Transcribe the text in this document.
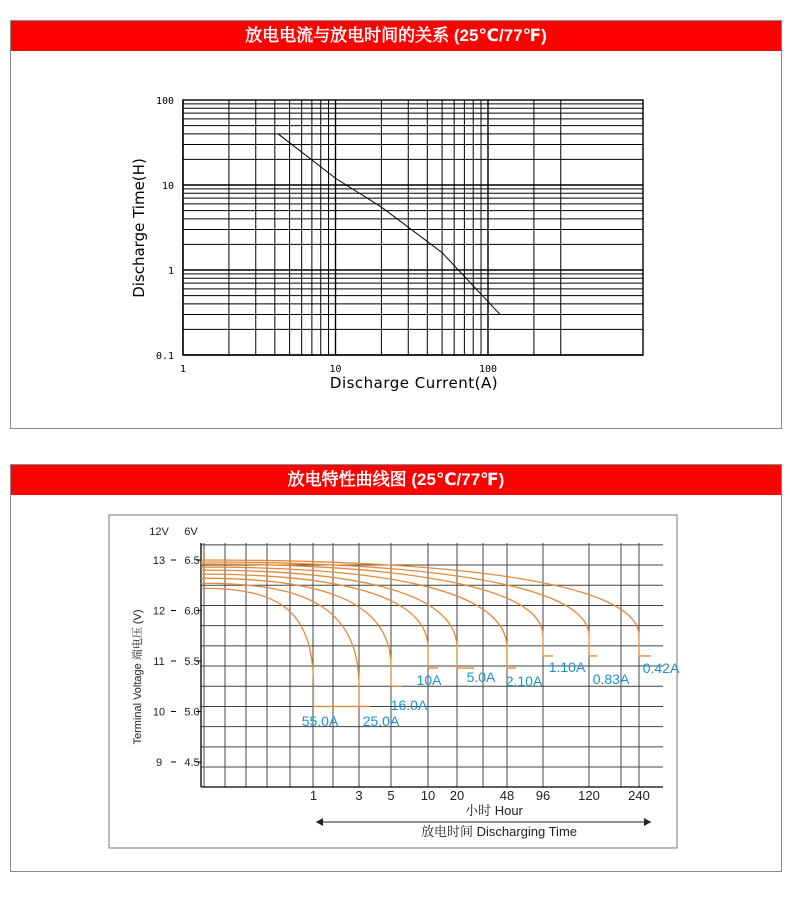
放电电流与放电时间的关系 (25℃/77℉)
0.1
1
10
100
1	10	100
Discharge Current(A)
Discharge Time(H)
放电特性曲线图 (25℃/77℉)
12V 6V
13 6.5
12 6.0
11 5.5
10 5.0
9 4.5
Terminal Voltage 端电压 (V)
1	3 5 10 20	48 96 120 240
小时 Hour
放电时间 Discharging Time
55.0A 25.0A
16.0A
10A 5.0A 2.10A
1.10A
0.83A
0.42A
